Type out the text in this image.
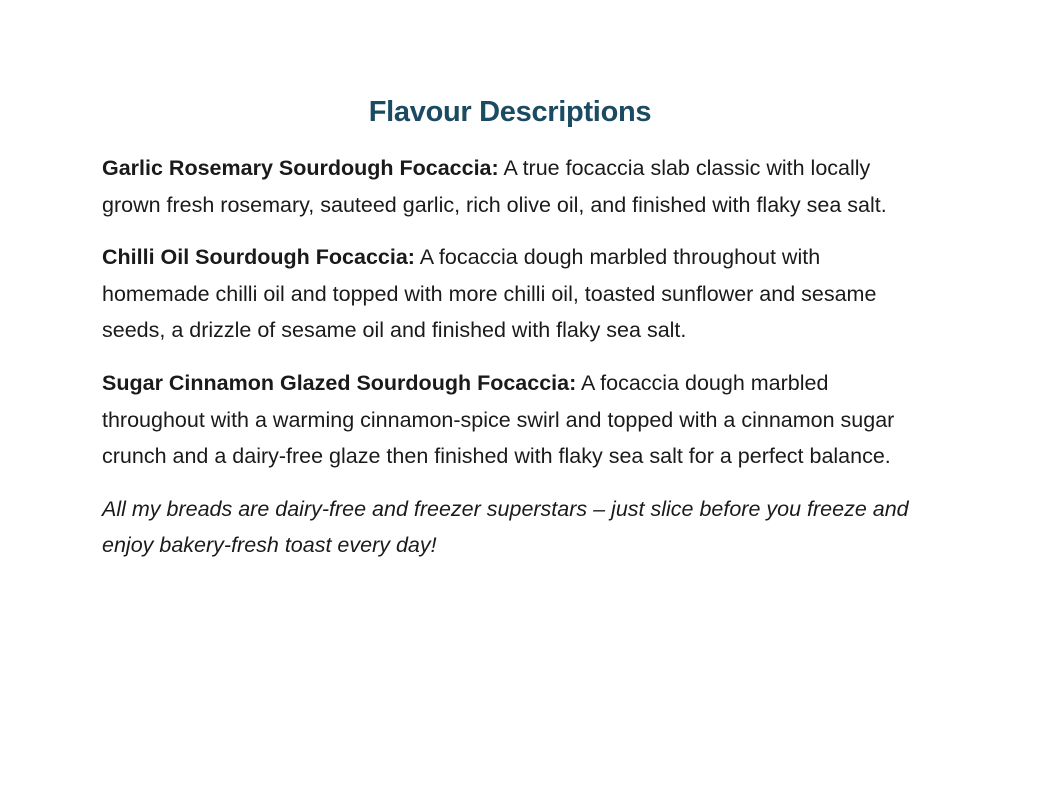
Flavour Descriptions

Garlic Rosemary Sourdough Focaccia: A true focaccia slab classic with locally grown fresh rosemary, sauteed garlic, rich olive oil, and finished with flaky sea salt.

Chilli Oil Sourdough Focaccia: A focaccia dough marbled throughout with homemade chilli oil and topped with more chilli oil, toasted sunflower and sesame seeds, a drizzle of sesame oil and finished with flaky sea salt.

Sugar Cinnamon Glazed Sourdough Focaccia: A focaccia dough marbled throughout with a warming cinnamon-spice swirl and topped with a cinnamon sugar crunch and a dairy-free glaze then finished with flaky sea salt for a perfect balance.

All my breads are dairy-free and freezer superstars – just slice before you freeze and enjoy bakery-fresh toast every day!
